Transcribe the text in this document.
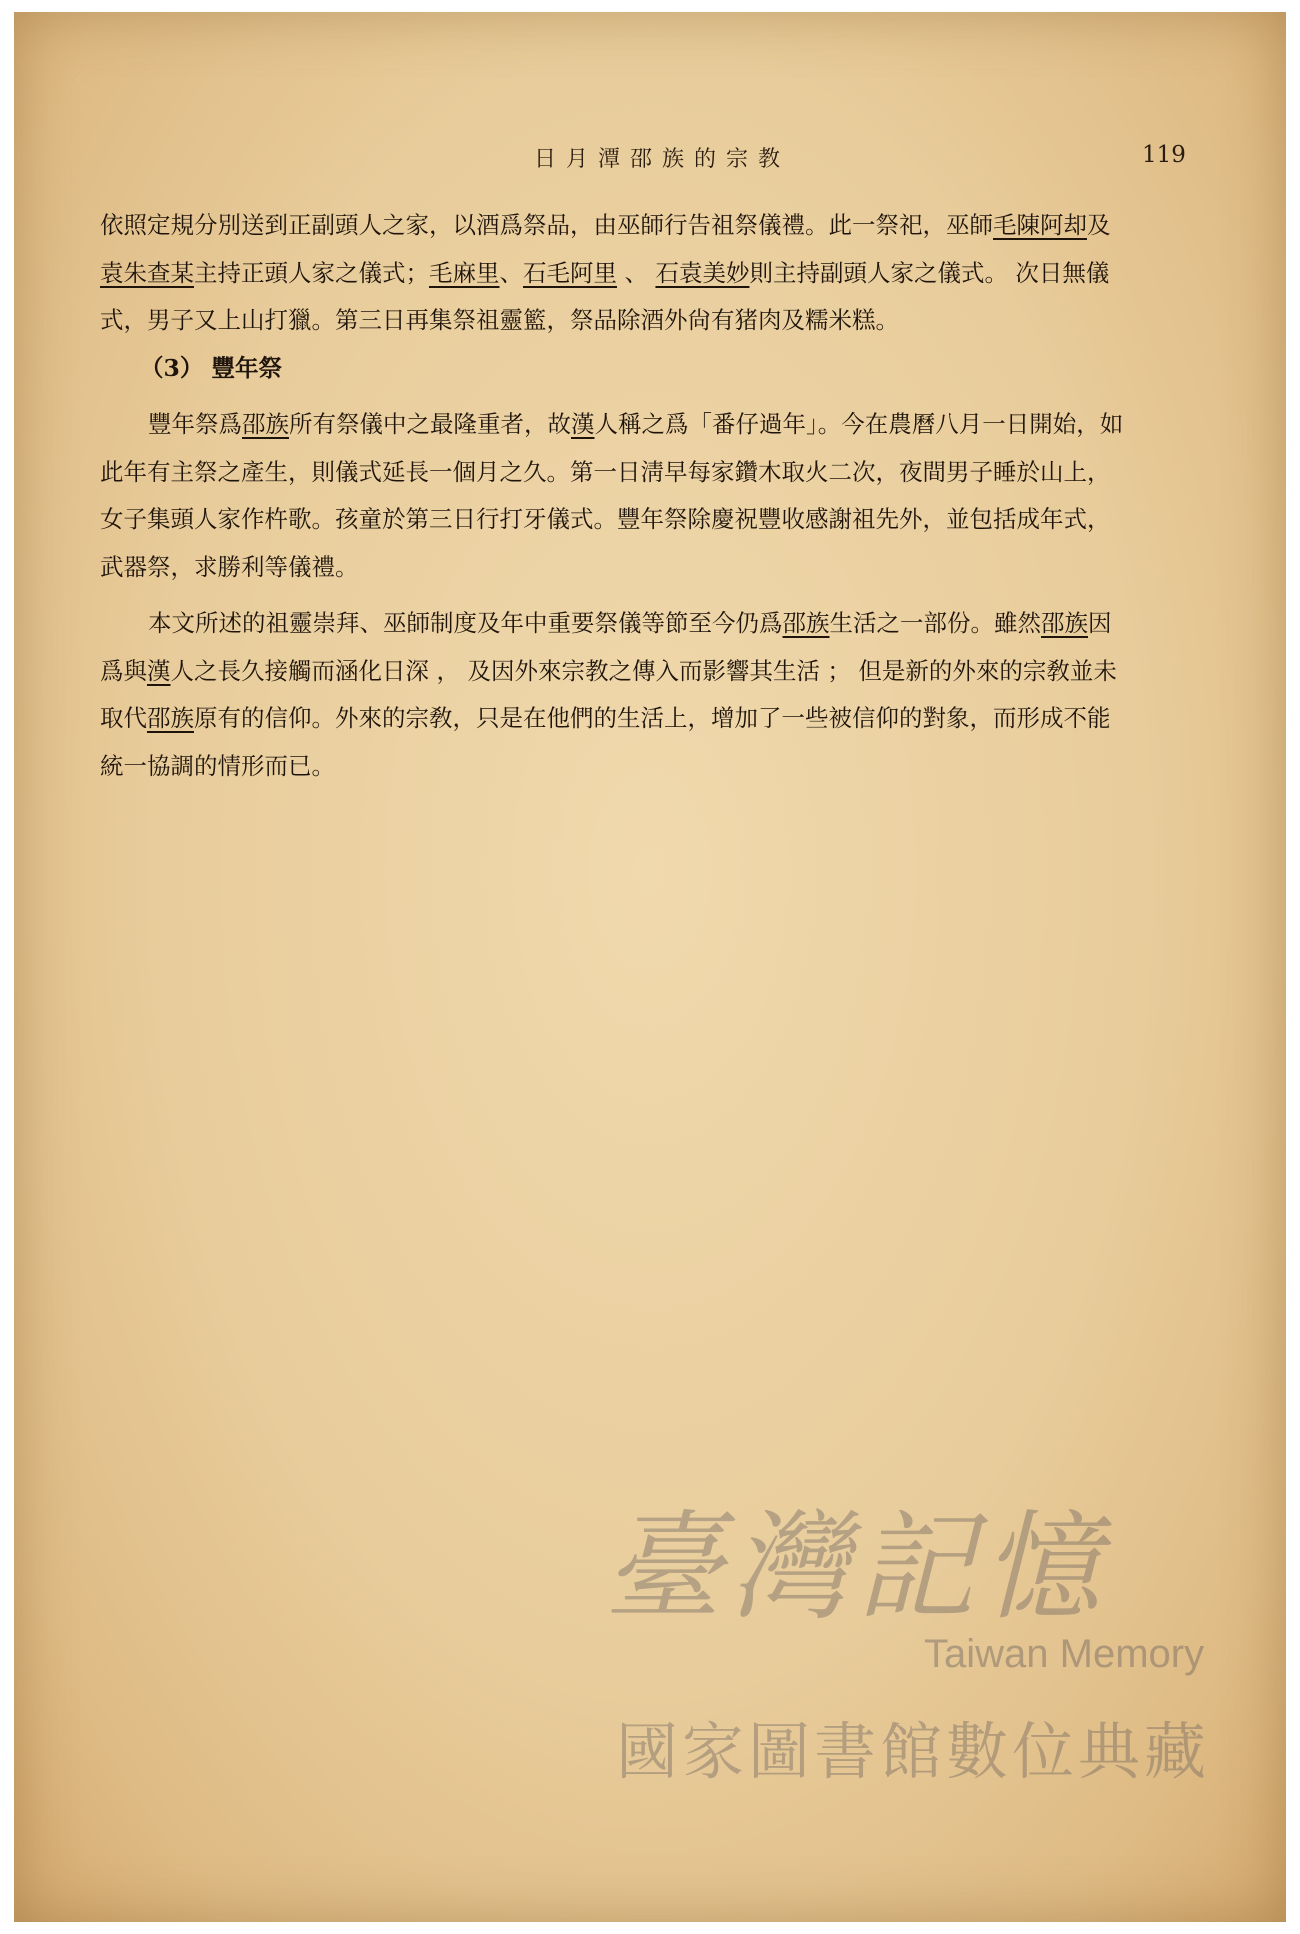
日月潭邵族的宗教	119
依照定規分別送到正副頭人之家，以酒爲祭品，由巫師行告祖祭儀禮。此一祭祀，巫師毛陳阿却及
袁朱查某主持正頭人家之儀式；毛麻里、石毛阿里 、 石袁美妙則主持副頭人家之儀式。 次日無儀
式，男子又上山打獵。第三日再集祭祖靈籃，祭品除酒外尙有猪肉及糯米糕。
（3） 豐年祭
豐年祭爲邵族所有祭儀中之最隆重者，故漢人稱之爲「番仔過年」。今在農曆八月一日開始，如
此年有主祭之產生，則儀式延長一個月之久。第一日淸早每家鑽木取火二次，夜間男子睡於山上，
女子集頭人家作杵歌。孩童於第三日行打牙儀式。豐年祭除慶祝豐收感謝祖先外，並包括成年式，
武器祭，求勝利等儀禮。
本文所述的祖靈崇拜、巫師制度及年中重要祭儀等節至今仍爲邵族生活之一部份。雖然邵族因
爲與漢人之長久接觸而涵化日深 ， 及因外來宗教之傳入而影響其生活 ； 但是新的外來的宗敎並未
取代邵族原有的信仰。外來的宗敎，只是在他們的生活上，增加了一些被信仰的對象，而形成不能
統一協調的情形而已。
臺灣記憶
Taiwan Memory
國家圖書館數位典藏
